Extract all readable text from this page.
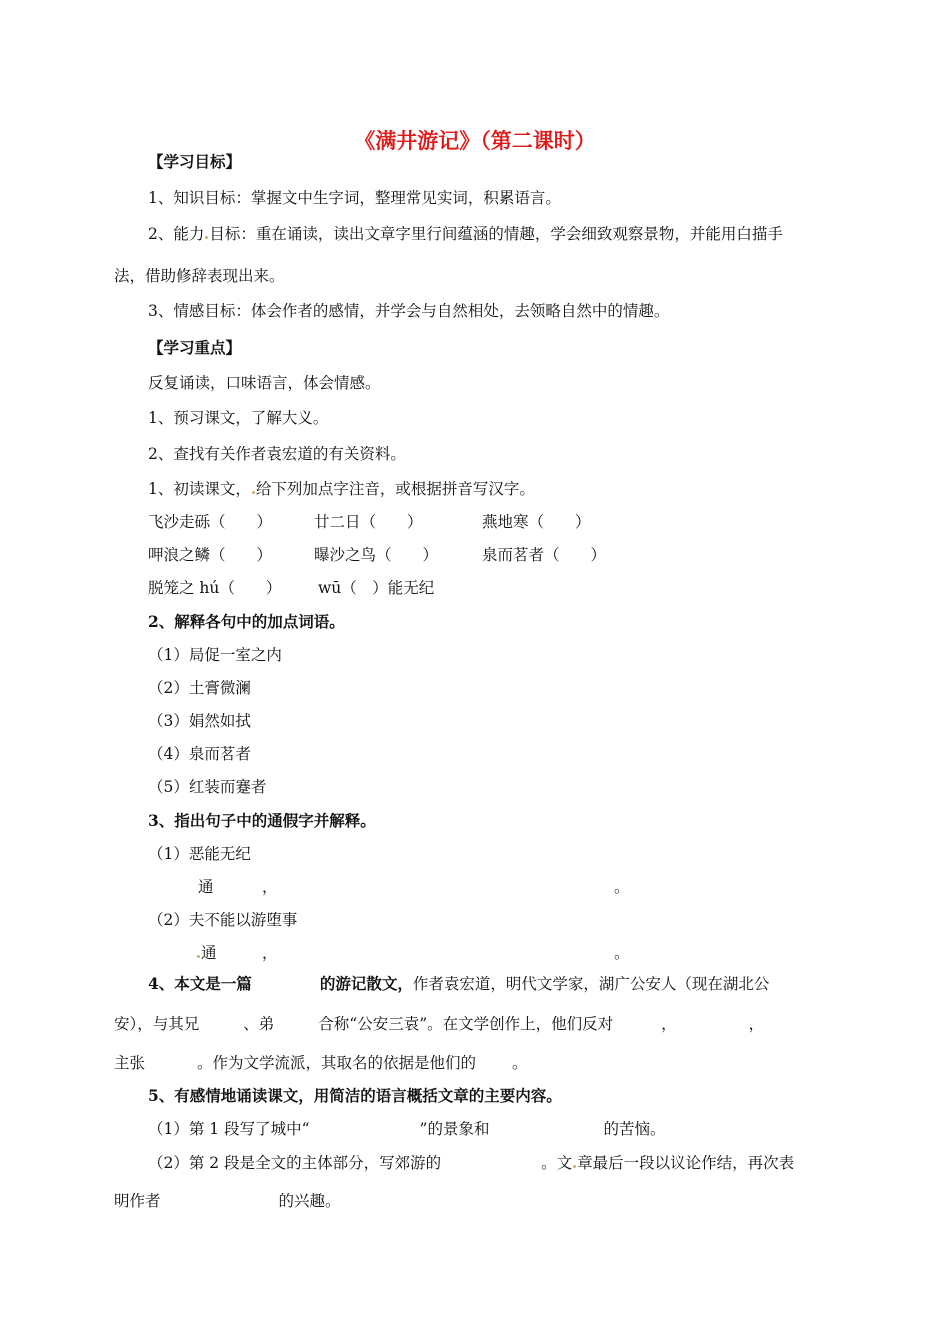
《满井游记》（第二课时）
【学习目标】
1、知识目标：掌握文中生字词，整理常见实词，积累语言。
2、能力 目标：重在诵读，读出文章字里行间蕴涵的情趣，学会细致观察景物，并能用白描手
法，借助修辞表现出来。
3、情感目标：体会作者的感情，并学会与自然相处，去领略自然中的情趣。
【学习重点】
反复诵读，口味语言，体会情感。
1、预习课文，了解大义。
2、查找有关作者袁宏道的有关资料。
1、初读课文， 给下列加点字注音，或根据拼音写汉字。
飞沙走砾（　　）	廿二日（　　）	燕地寒（　　）
呷浪之鳞（　　）	曝沙之鸟（　　）	泉而茗者（　　）
脱笼之 hú（　　） wū（　）能无纪
2、解释各句中的加点词语。
（1）局促一室之内
（2）土膏微澜
（3）娟然如拭
（4）泉而茗者
（5）红装而蹇者
3、指出句子中的通假字并解释。
（1）恶能无纪
通	，	。
（2）夫不能以游堕事
通	，	。
4、本文是一篇	的游记散文，作者袁宏道，明代文学家，湖广公安人（现在湖北公
安），与其兄	、弟	合称“公安三袁”。在文学创作上，他们反对	，	，
主张	。作为文学流派，其取名的依据是他们的 。
5、有感情地诵读课文，用简洁的语言概括文章的主要内容。
（1）第 1 段写了城中“	”的景象和	的苦恼。
（2）第 2 段是全文的主体部分，写郊游的	。文 章最后一段以议论作结，再次表
明作者	的兴趣。
